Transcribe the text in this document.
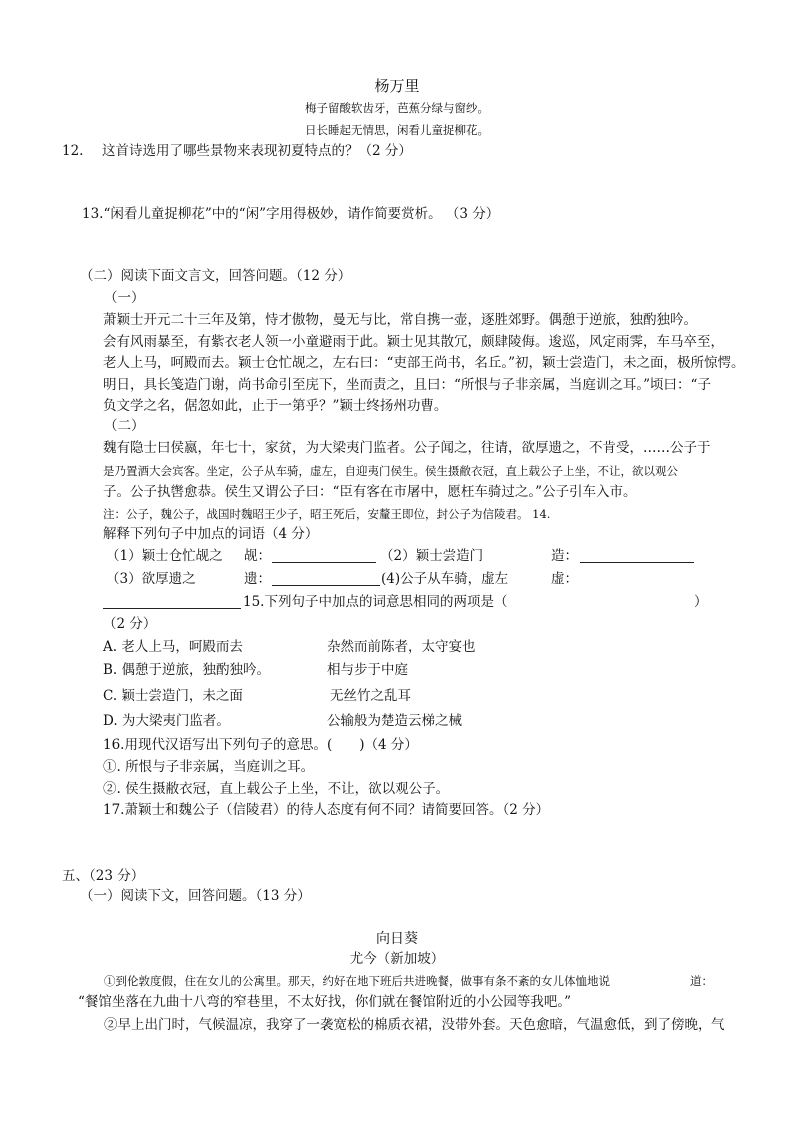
杨万里
梅子留酸软齿牙，芭蕉分绿与窗纱。
日长睡起无情思，闲看儿童捉柳花。
12. 这首诗选用了哪些景物来表现初夏特点的？（2 分）
13.“闲看儿童捉柳花”中的“闲”字用得极妙，请作简要赏析。 （3 分）
（二）阅读下面文言文，回答问题。（12 分）
（一）
萧颖士开元二十三年及第，恃才傲物，曼无与比，常自携一壶，逐胜郊野。偶憩于逆旅，独酌独吟。
会有风雨暴至，有紫衣老人领一小童避雨于此。颖士见其散冗，颇肆陵侮。逡巡，风定雨霁，车马卒至，
老人上马，呵殿而去。颖士仓忙觇之，左右曰：“吏部王尚书，名丘。”初，颖士尝造门，未之面，极所惊愕。
明日，具长笺造门谢，尚书命引至庑下，坐而责之，且曰：“所恨与子非亲属，当庭训之耳。”顷曰：“子
负文学之名，倨忽如此，止于一第乎？”颖士终扬州功曹。
（二）
魏有隐士曰侯嬴，年七十，家贫，为大梁夷门监者。公子闻之，往请，欲厚遗之，不肯受，……公子于
是乃置酒大会宾客。坐定，公子从车骑，虚左，自迎夷门侯生。侯生摄敝衣冠，直上载公子上坐，不让，欲以观公
子。公子执辔愈恭。侯生又谓公子曰：“臣有客在市屠中，愿枉车骑过之。”公子引车入市。
注：公子，魏公子，战国时魏昭王少子，昭王死后，安釐王即位，封公子为信陵君。 14.
解释下列句子中加点的词语（4 分）
（1）颖士仓忙觇之 觇：	（2）颖士尝造门	造：
（3）欲厚遗之	遗：	(4)公子从车骑，虚左	虚：
15.下列句子中加点的词意思相同的两项是（	）
（2 分）
A. 老人上马，呵殿而去	杂然而前陈者，太守宴也
B. 偶憩于逆旅，独酌独吟。	相与步于中庭
C. 颖士尝造门，未之面	无丝竹之乱耳
D. 为大梁夷门监者。	公输般为楚造云梯之械
16.用现代汉语写出下列句子的意思。(　　)（4 分）
①. 所恨与子非亲属，当庭训之耳。
②. 侯生摄敝衣冠，直上载公子上坐，不让，欲以观公子。
17.萧颖士和魏公子（信陵君）的待人态度有何不同？请简要回答。（2 分）
五、（23 分）
（一）阅读下文，回答问题。（13 分）
向日葵
尤今（新加坡）
①到伦敦度假，住在女儿的公寓里。那天，约好在地下班后共进晚餐，做事有条不紊的女儿体恤地说	道：
“餐馆坐落在九曲十八弯的窄巷里，不太好找，你们就在餐馆附近的小公园等我吧。”
②早上出门时，气候温凉，我穿了一袭宽松的棉质衣裙，没带外套。天色愈暗，气温愈低，到了傍晚， 气
